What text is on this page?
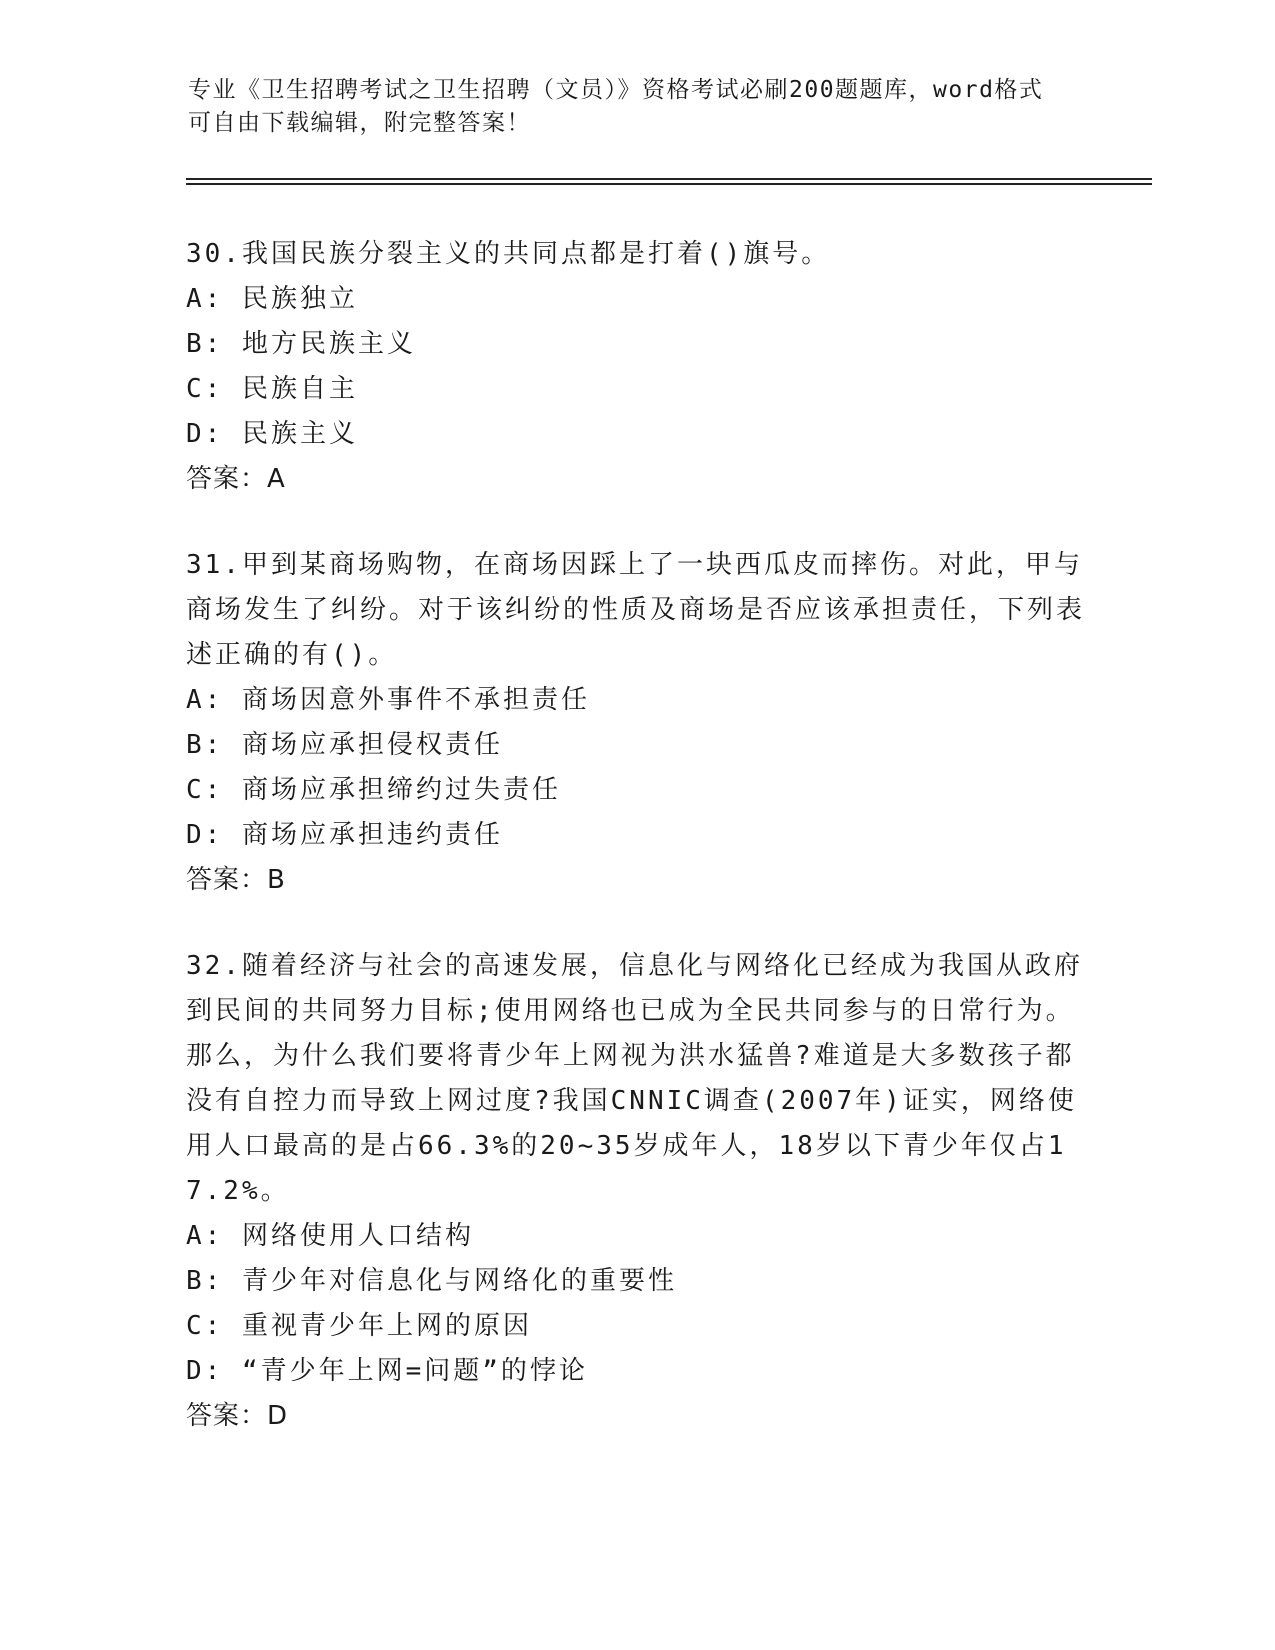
专业《卫生招聘考试之卫生招聘（文员）》资格考试必刷200题题库，word格式
可自由下载编辑，附完整答案！
30.我国民族分裂主义的共同点都是打着()旗号。
A: 民族独立
B: 地方民族主义
C: 民族自主
D: 民族主义
答案：A
31.甲到某商场购物，在商场因踩上了一块西瓜皮而摔伤。对此，甲与商场发生了纠纷。对于该纠纷的性质及商场是否应该承担责任，下列表述正确的有()。
A: 商场因意外事件不承担责任
B: 商场应承担侵权责任
C: 商场应承担缔约过失责任
D: 商场应承担违约责任
答案：B
32.随着经济与社会的高速发展，信息化与网络化已经成为我国从政府到民间的共同努力目标;使用网络也已成为全民共同参与的日常行为。那么，为什么我们要将青少年上网视为洪水猛兽?难道是大多数孩子都没有自控力而导致上网过度?我国CNNIC调查(2007年)证实，网络使用人口最高的是占66.3%的20~35岁成年人，18岁以下青少年仅占17.2%。
A: 网络使用人口结构
B: 青少年对信息化与网络化的重要性
C: 重视青少年上网的原因
D: “青少年上网=问题”的悖论
答案：D
